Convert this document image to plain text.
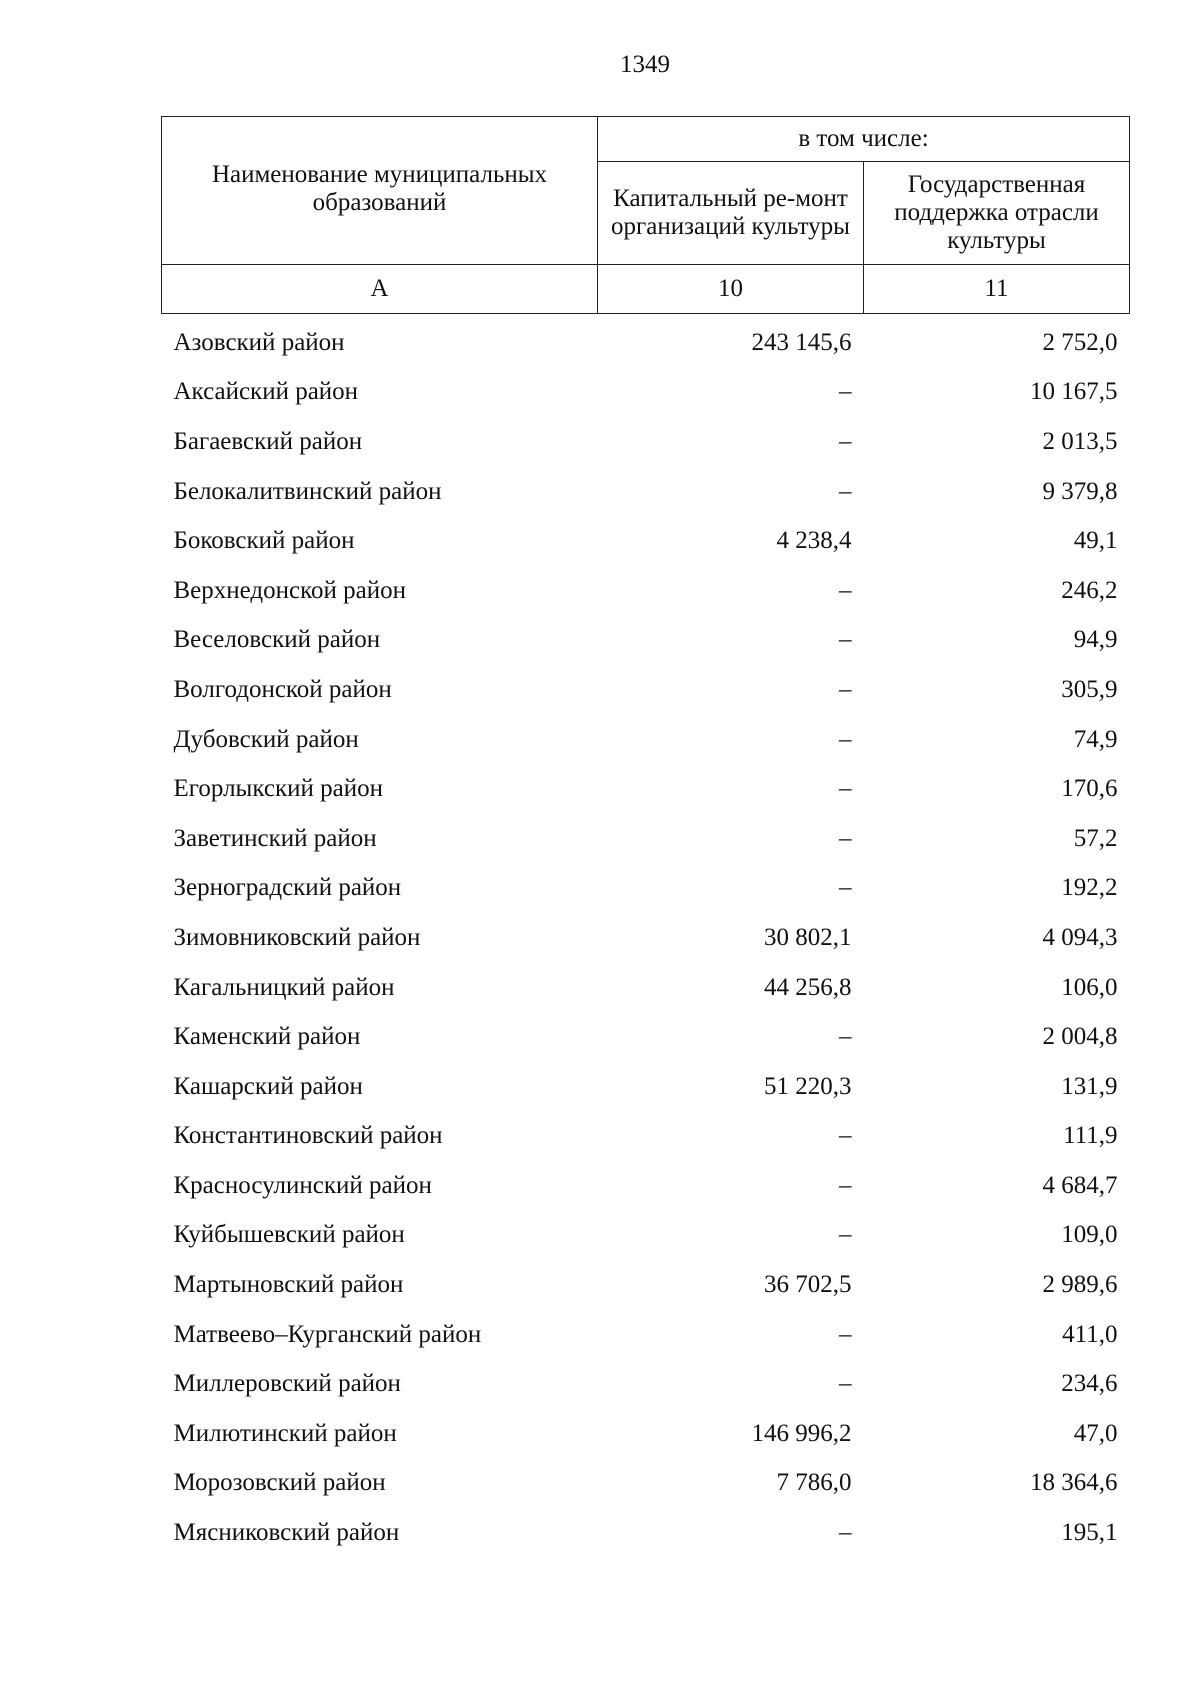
1349
Наименование муниципальных образований	в том числе:	
	Капитальный ре-монт организаций культуры	Государственная поддержка отрасли культуры
А	10	11
Азовский район	243 145,6	2 752,0
Аксайский район	–	10 167,5
Багаевский район	–	2 013,5
Белокалитвинский район	–	9 379,8
Боковский район	4 238,4	49,1
Верхнедонской район	–	246,2
Веселовский район	–	94,9
Волгодонской район	–	305,9
Дубовский район	–	74,9
Егорлыкский район	–	170,6
Заветинский район	–	57,2
Зерноградский район	–	192,2
Зимовниковский район	30 802,1	4 094,3
Кагальницкий район	44 256,8	106,0
Каменский район	–	2 004,8
Кашарский район	51 220,3	131,9
Константиновский район	–	111,9
Красносулинский район	–	4 684,7
Куйбышевский район	–	109,0
Мартыновский район	36 702,5	2 989,6
Матвеево–Курганский район	–	411,0
Миллеровский район	–	234,6
Милютинский район	146 996,2	47,0
Морозовский район	7 786,0	18 364,6
Мясниковский район	–	195,1
